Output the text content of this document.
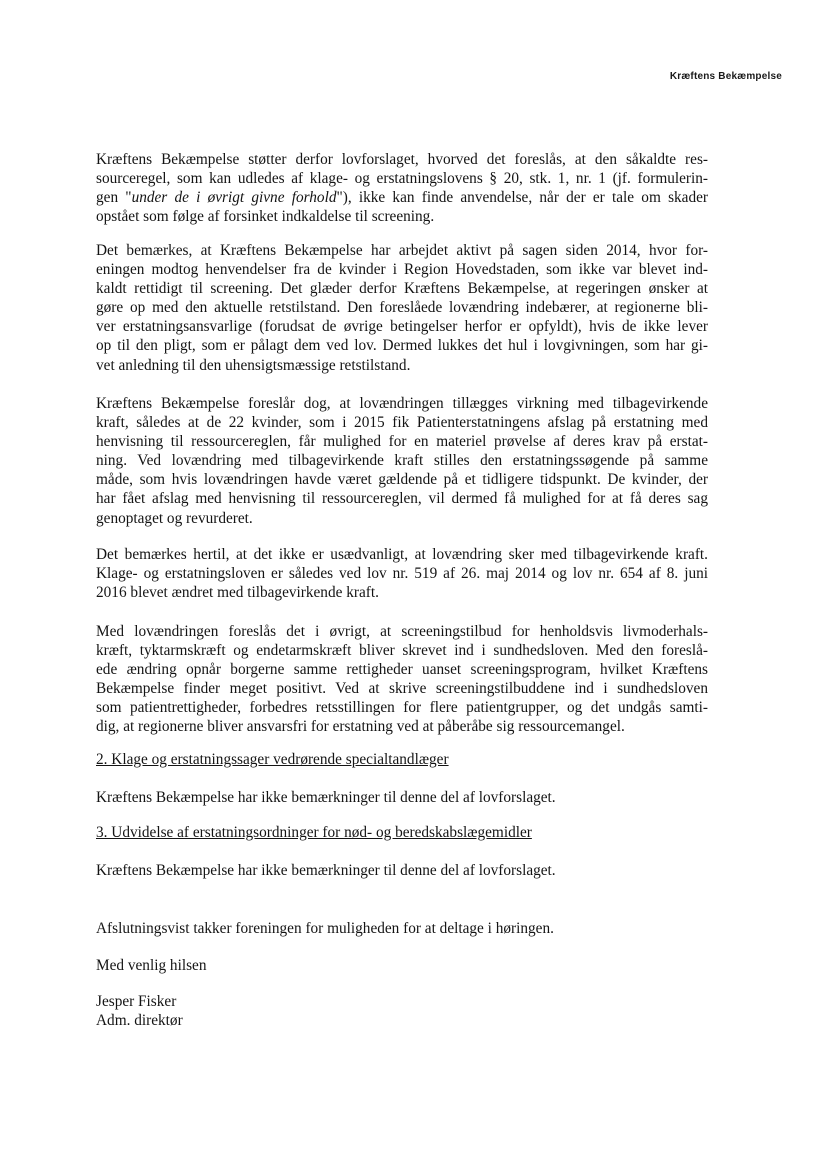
Kræftens Bekæmpelse
Kræftens Bekæmpelse støtter derfor lovforslaget, hvorved det foreslås, at den såkaldte res-
sourceregel, som kan udledes af klage- og erstatningslovens § 20, stk. 1, nr. 1 (jf. formulerin-
gen "under de i øvrigt givne forhold"), ikke kan finde anvendelse, når der er tale om skader
opstået som følge af forsinket indkaldelse til screening.
Det bemærkes, at Kræftens Bekæmpelse har arbejdet aktivt på sagen siden 2014, hvor for-
eningen modtog henvendelser fra de kvinder i Region Hovedstaden, som ikke var blevet ind-
kaldt rettidigt til screening. Det glæder derfor Kræftens Bekæmpelse, at regeringen ønsker at
gøre op med den aktuelle retstilstand. Den foreslåede lovændring indebærer, at regionerne bli-
ver erstatningsansvarlige (forudsat de øvrige betingelser herfor er opfyldt), hvis de ikke lever
op til den pligt, som er pålagt dem ved lov. Dermed lukkes det hul i lovgivningen, som har gi-
vet anledning til den uhensigtsmæssige retstilstand.
Kræftens Bekæmpelse foreslår dog, at lovændringen tillægges virkning med tilbagevirkende
kraft, således at de 22 kvinder, som i 2015 fik Patienterstatningens afslag på erstatning med
henvisning til ressourcereglen, får mulighed for en materiel prøvelse af deres krav på erstat-
ning. Ved lovændring med tilbagevirkende kraft stilles den erstatningssøgende på samme
måde, som hvis lovændringen havde været gældende på et tidligere tidspunkt. De kvinder, der
har fået afslag med henvisning til ressourcereglen, vil dermed få mulighed for at få deres sag
genoptaget og revurderet.
Det bemærkes hertil, at det ikke er usædvanligt, at lovændring sker med tilbagevirkende kraft.
Klage- og erstatningsloven er således ved lov nr. 519 af 26. maj 2014 og lov nr. 654 af 8. juni
2016 blevet ændret med tilbagevirkende kraft.
Med lovændringen foreslås det i øvrigt, at screeningstilbud for henholdsvis livmoderhals-
kræft, tyktarmskræft og endetarmskræft bliver skrevet ind i sundhedsloven. Med den foreslå-
ede ændring opnår borgerne samme rettigheder uanset screeningsprogram, hvilket Kræftens
Bekæmpelse finder meget positivt. Ved at skrive screeningstilbuddene ind i sundhedsloven
som patientrettigheder, forbedres retsstillingen for flere patientgrupper, og det undgås samti-
dig, at regionerne bliver ansvarsfri for erstatning ved at påberåbe sig ressourcemangel.
2. Klage og erstatningssager vedrørende specialtandlæger
Kræftens Bekæmpelse har ikke bemærkninger til denne del af lovforslaget.
3. Udvidelse af erstatningsordninger for nød- og beredskabslægemidler
Kræftens Bekæmpelse har ikke bemærkninger til denne del af lovforslaget.
Afslutningsvist takker foreningen for muligheden for at deltage i høringen.
Med venlig hilsen
Jesper Fisker
Adm. direktør
